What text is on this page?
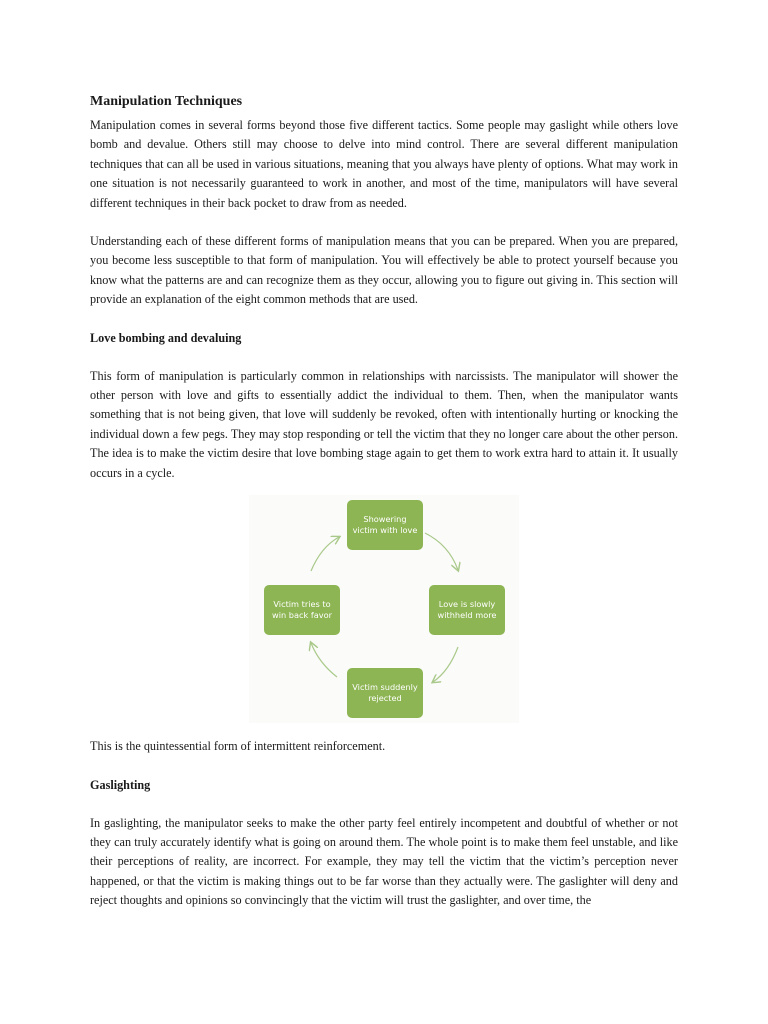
Manipulation Techniques

Manipulation comes in several forms beyond those five different tactics. Some people may gaslight while others love bomb and devalue. Others still may choose to delve into mind control. There are several different manipulation techniques that can all be used in various situations, meaning that you always have plenty of options. What may work in one situation is not necessarily guaranteed to work in another, and most of the time, manipulators will have several different techniques in their back pocket to draw from as needed.

Understanding each of these different forms of manipulation means that you can be prepared. When you are prepared, you become less susceptible to that form of manipulation. You will effectively be able to protect yourself because you know what the patterns are and can recognize them as they occur, allowing you to figure out giving in. This section will provide an explanation of the eight common methods that are used.

Love bombing and devaluing

This form of manipulation is particularly common in relationships with narcissists. The manipulator will shower the other person with love and gifts to essentially addict the individual to them. Then, when the manipulator wants something that is not being given, that love will suddenly be revoked, often with intentionally hurting or knocking the individual down a few pegs. They may stop responding or tell the victim that they no longer care about the other person. The idea is to make the victim desire that love bombing stage again to get them to work extra hard to attain it. It usually occurs in a cycle.

Showering victim with love
Love is slowly withheld more
Victim suddenly rejected
Victim tries to win back favor

This is the quintessential form of intermittent reinforcement.

Gaslighting

In gaslighting, the manipulator seeks to make the other party feel entirely incompetent and doubtful of whether or not they can truly accurately identify what is going on around them. The whole point is to make them feel unstable, and like their perceptions of reality, are incorrect. For example, they may tell the victim that the victim’s perception never happened, or that the victim is making things out to be far worse than they actually were. The gaslighter will deny and reject thoughts and opinions so convincingly that the victim will trust the gaslighter, and over time, the
